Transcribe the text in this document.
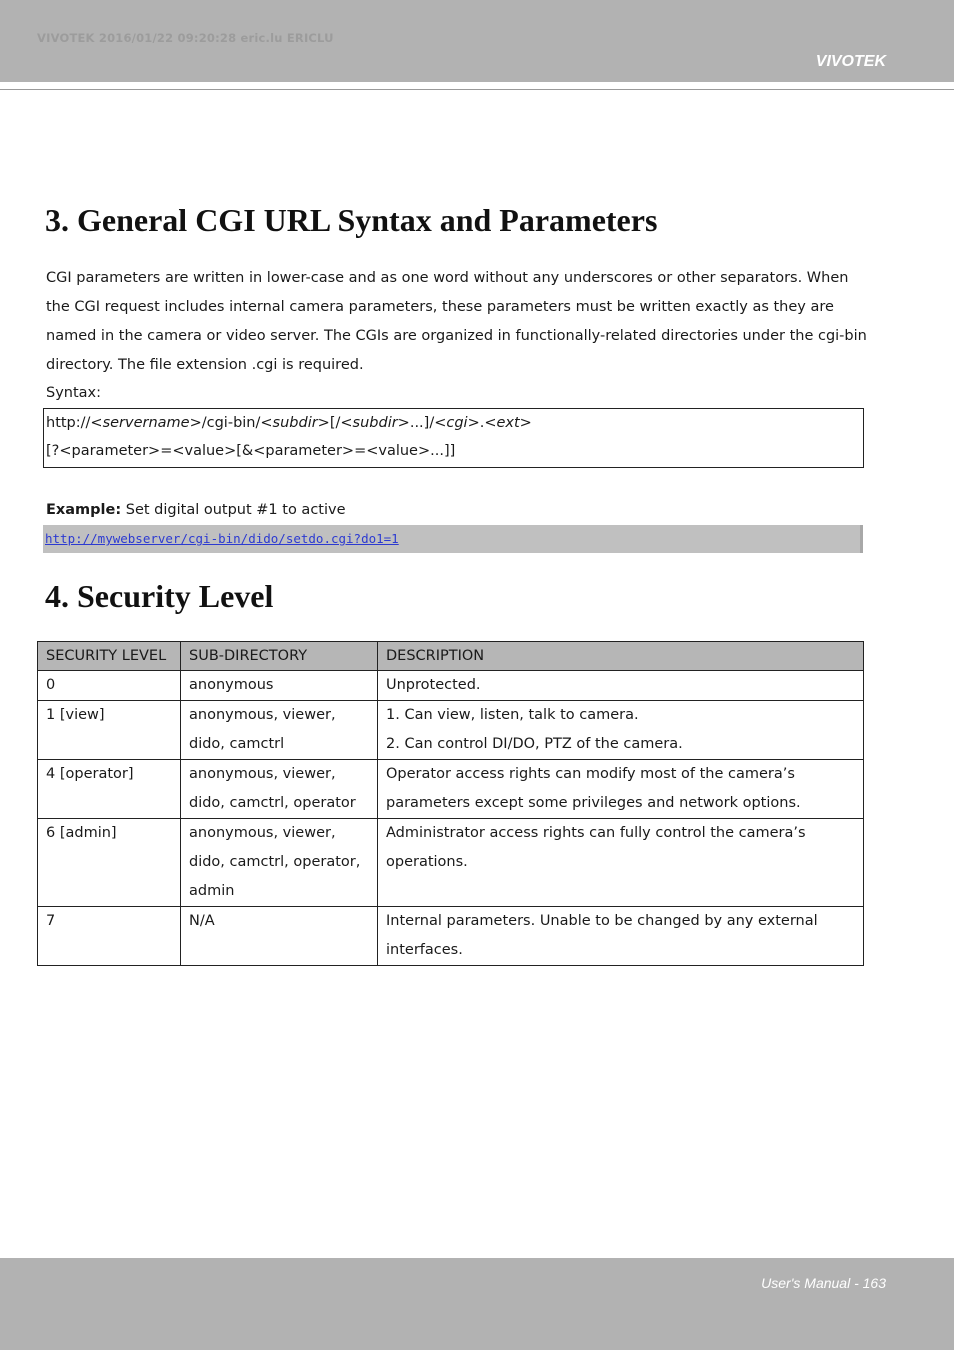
VIVOTEK 2016/01/22 09:20:28 eric.lu ERICLU
VIVOTEK
3. General CGI URL Syntax and Parameters

CGI parameters are written in lower-case and as one word without any underscores or other separators. When the CGI request includes internal camera parameters, these parameters must be written exactly as they are named in the camera or video server. The CGIs are organized in functionally-related directories under the cgi-bin directory. The file extension .cgi is required.

Syntax:

http://<servername>/cgi-bin/<subdir>[/<subdir>...]/<cgi>.<ext>
[?<parameter>=<value>[&<parameter>=<value>...]]

Example: Set digital output #1 to active

http://mywebserver/cgi-bin/dido/setdo.cgi?do1=1
4. Security Level
SECURITY LEVEL	SUB-DIRECTORY	DESCRIPTION
0	anonymous	Unprotected.
1 [view]	anonymous, viewer, dido, camctrl	1. Can view, listen, talk to camera.
2. Can control DI/DO, PTZ of the camera.

4 [operator]	anonymous, viewer, dido, camctrl, operator	Operator access rights can modify most of the camera’s parameters except some privileges and network options.
6 [admin]	anonymous, viewer, dido, camctrl, operator, admin	Administrator access rights can fully control the camera’s operations.
7	N/A	Internal parameters. Unable to be changed by any external interfaces.
User's Manual - 163
